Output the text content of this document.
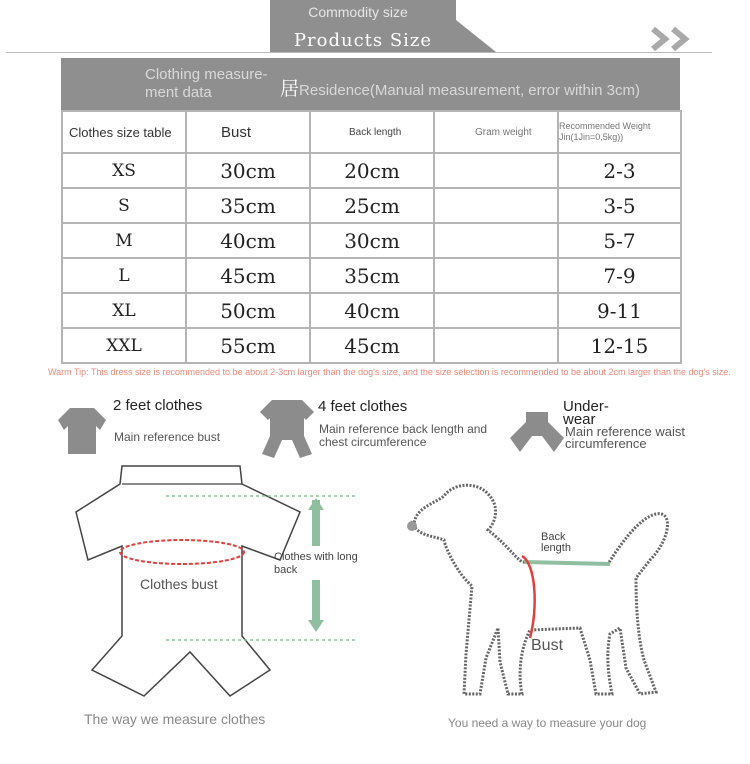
Commodity size
Products Size
Clothing measure-ment data	居Residence(Manual measurement, error within 3cm)
Clothes size table	Bust	Back length	Gram weight	Recommended Weight Jin(1Jin=0,5kg))
XS	30cm	20cm		2-3
S	35cm	25cm		3-5
M	40cm	30cm		5-7
L	45cm	35cm		7-9
XL	50cm	40cm		9-11
XXL	55cm	45cm		12-15
Warm Tip: This dress size is recommended to be about 2-3cm larger than the dog's size, and the size selection is recommended to be about 2cm larger than the dog's size.
2 feet clothes
Main reference bust
4 feet clothes
Main reference back length and chest circumference
Under-wear
Main reference waist circumference
Clothes bust
Clothes with long back
The way we measure clothes
Back length
Bust
You need a way to measure your dog
